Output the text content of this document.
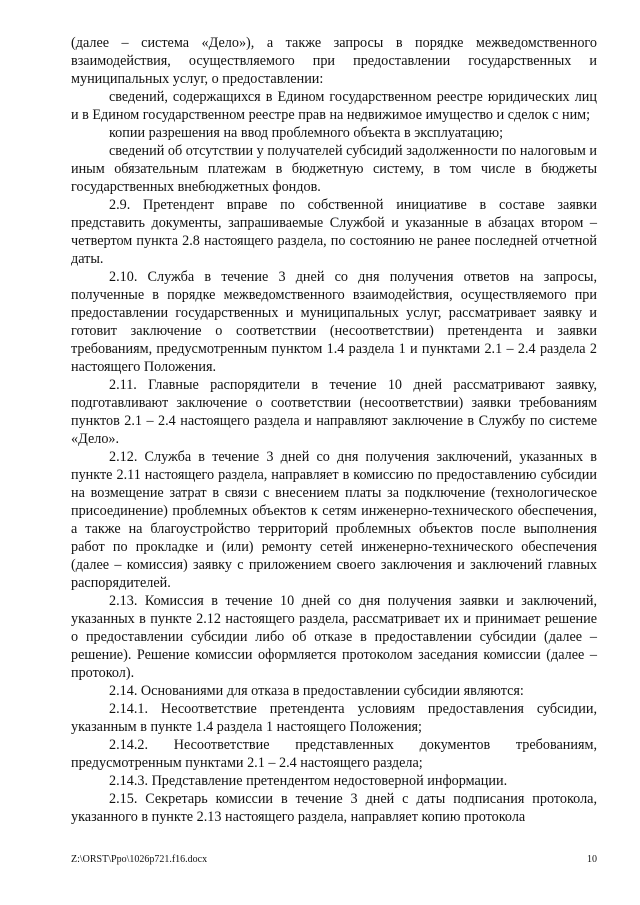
(далее – система «Дело»), а также запросы в порядке межведомственного взаимодействия, осуществляемого при предоставлении государственных и муниципальных услуг, о предоставлении:

сведений, содержащихся в Едином государственном реестре юридических лиц и в Едином государственном реестре прав на недвижимое имущество и сделок с ним;

копии разрешения на ввод проблемного объекта в эксплуатацию;

сведений об отсутствии у получателей субсидий задолженности по налоговым и иным обязательным платежам в бюджетную систему, в том числе в бюджеты государственных внебюджетных фондов.

2.9. Претендент вправе по собственной инициативе в составе заявки представить документы, запрашиваемые Службой и указанные в абзацах втором – четвертом пункта 2.8 настоящего раздела, по состоянию не ранее последней отчетной даты.

2.10. Служба в течение 3 дней со дня получения ответов на запросы, полученные в порядке межведомственного взаимодействия, осуществляемого при предоставлении государственных и муниципальных услуг, рассматривает заявку и готовит заключение о соответствии (несоответствии) претендента и заявки требованиям, предусмотренным пунктом 1.4 раздела 1 и пунктами 2.1 – 2.4 раздела 2 настоящего Положения.

2.11. Главные распорядители в течение 10 дней рассматривают заявку, подготавливают заключение о соответствии (несоответствии) заявки требованиям пунктов 2.1 – 2.4 настоящего раздела и направляют заключение в Службу по системе «Дело».

2.12. Служба в течение 3 дней со дня получения заключений, указанных в пункте 2.11 настоящего раздела, направляет в комиссию по предоставлению субсидии на возмещение затрат в связи с внесением платы за подключение (технологическое присоединение) проблемных объектов к сетям инженерно-технического обеспечения, а также на благоустройство территорий проблемных объектов после выполнения работ по прокладке и (или) ремонту сетей инженерно-технического обеспечения (далее – комиссия) заявку с приложением своего заключения и заключений главных распорядителей.

2.13. Комиссия в течение 10 дней со дня получения заявки и заключений, указанных в пункте 2.12 настоящего раздела, рассматривает их и принимает решение о предоставлении субсидии либо об отказе в предоставлении субсидии (далее – решение). Решение комиссии оформляется протоколом заседания комиссии (далее – протокол).

2.14. Основаниями для отказа в предоставлении субсидии являются:

2.14.1. Несоответствие претендента условиям предоставления субсидии, указанным в пункте 1.4 раздела 1 настоящего Положения;

2.14.2. Несоответствие представленных документов требованиям, предусмотренным пунктами 2.1 – 2.4 настоящего раздела;

2.14.3. Представление претендентом недостоверной информации.

2.15. Секретарь комиссии в течение 3 дней с даты подписания протокола, указанного в пункте 2.13 настоящего раздела, направляет копию протокола

Z:\ORST\Ppo\1026p721.f16.docx	10
